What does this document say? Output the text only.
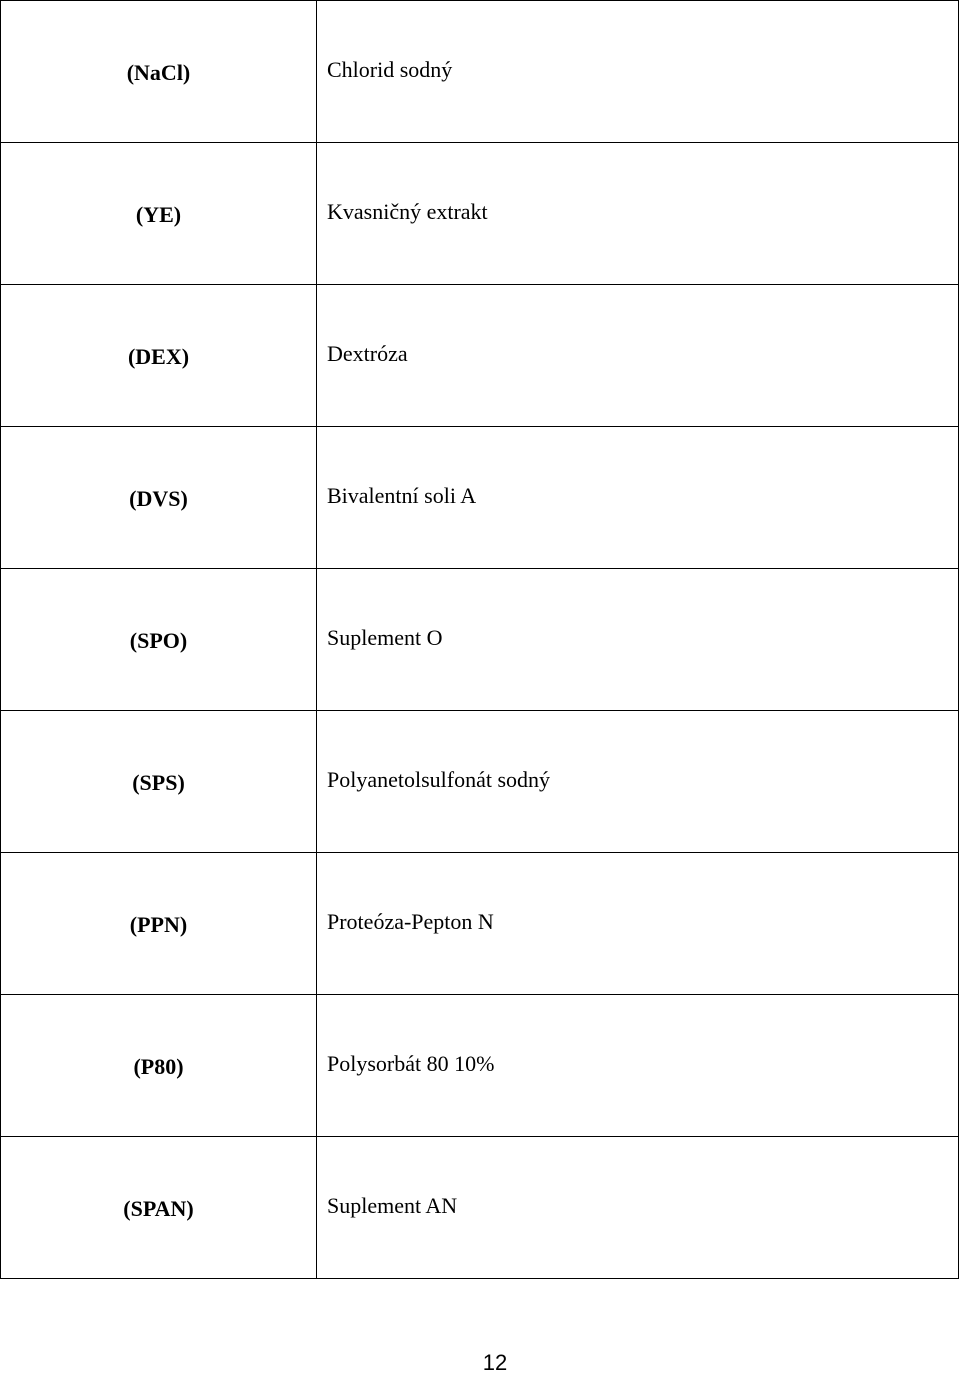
(NaCl)	Chlorid sodný

(YE)	Kvasničný extrakt

(DEX)	Dextróza

(DVS)	Bivalentní soli A

(SPO)	Suplement O

(SPS)	Polyanetolsulfonát sodný

(PPN)	Proteóza-Pepton N

(P80)	Polysorbát 80 10%

(SPAN)	Suplement AN
12
